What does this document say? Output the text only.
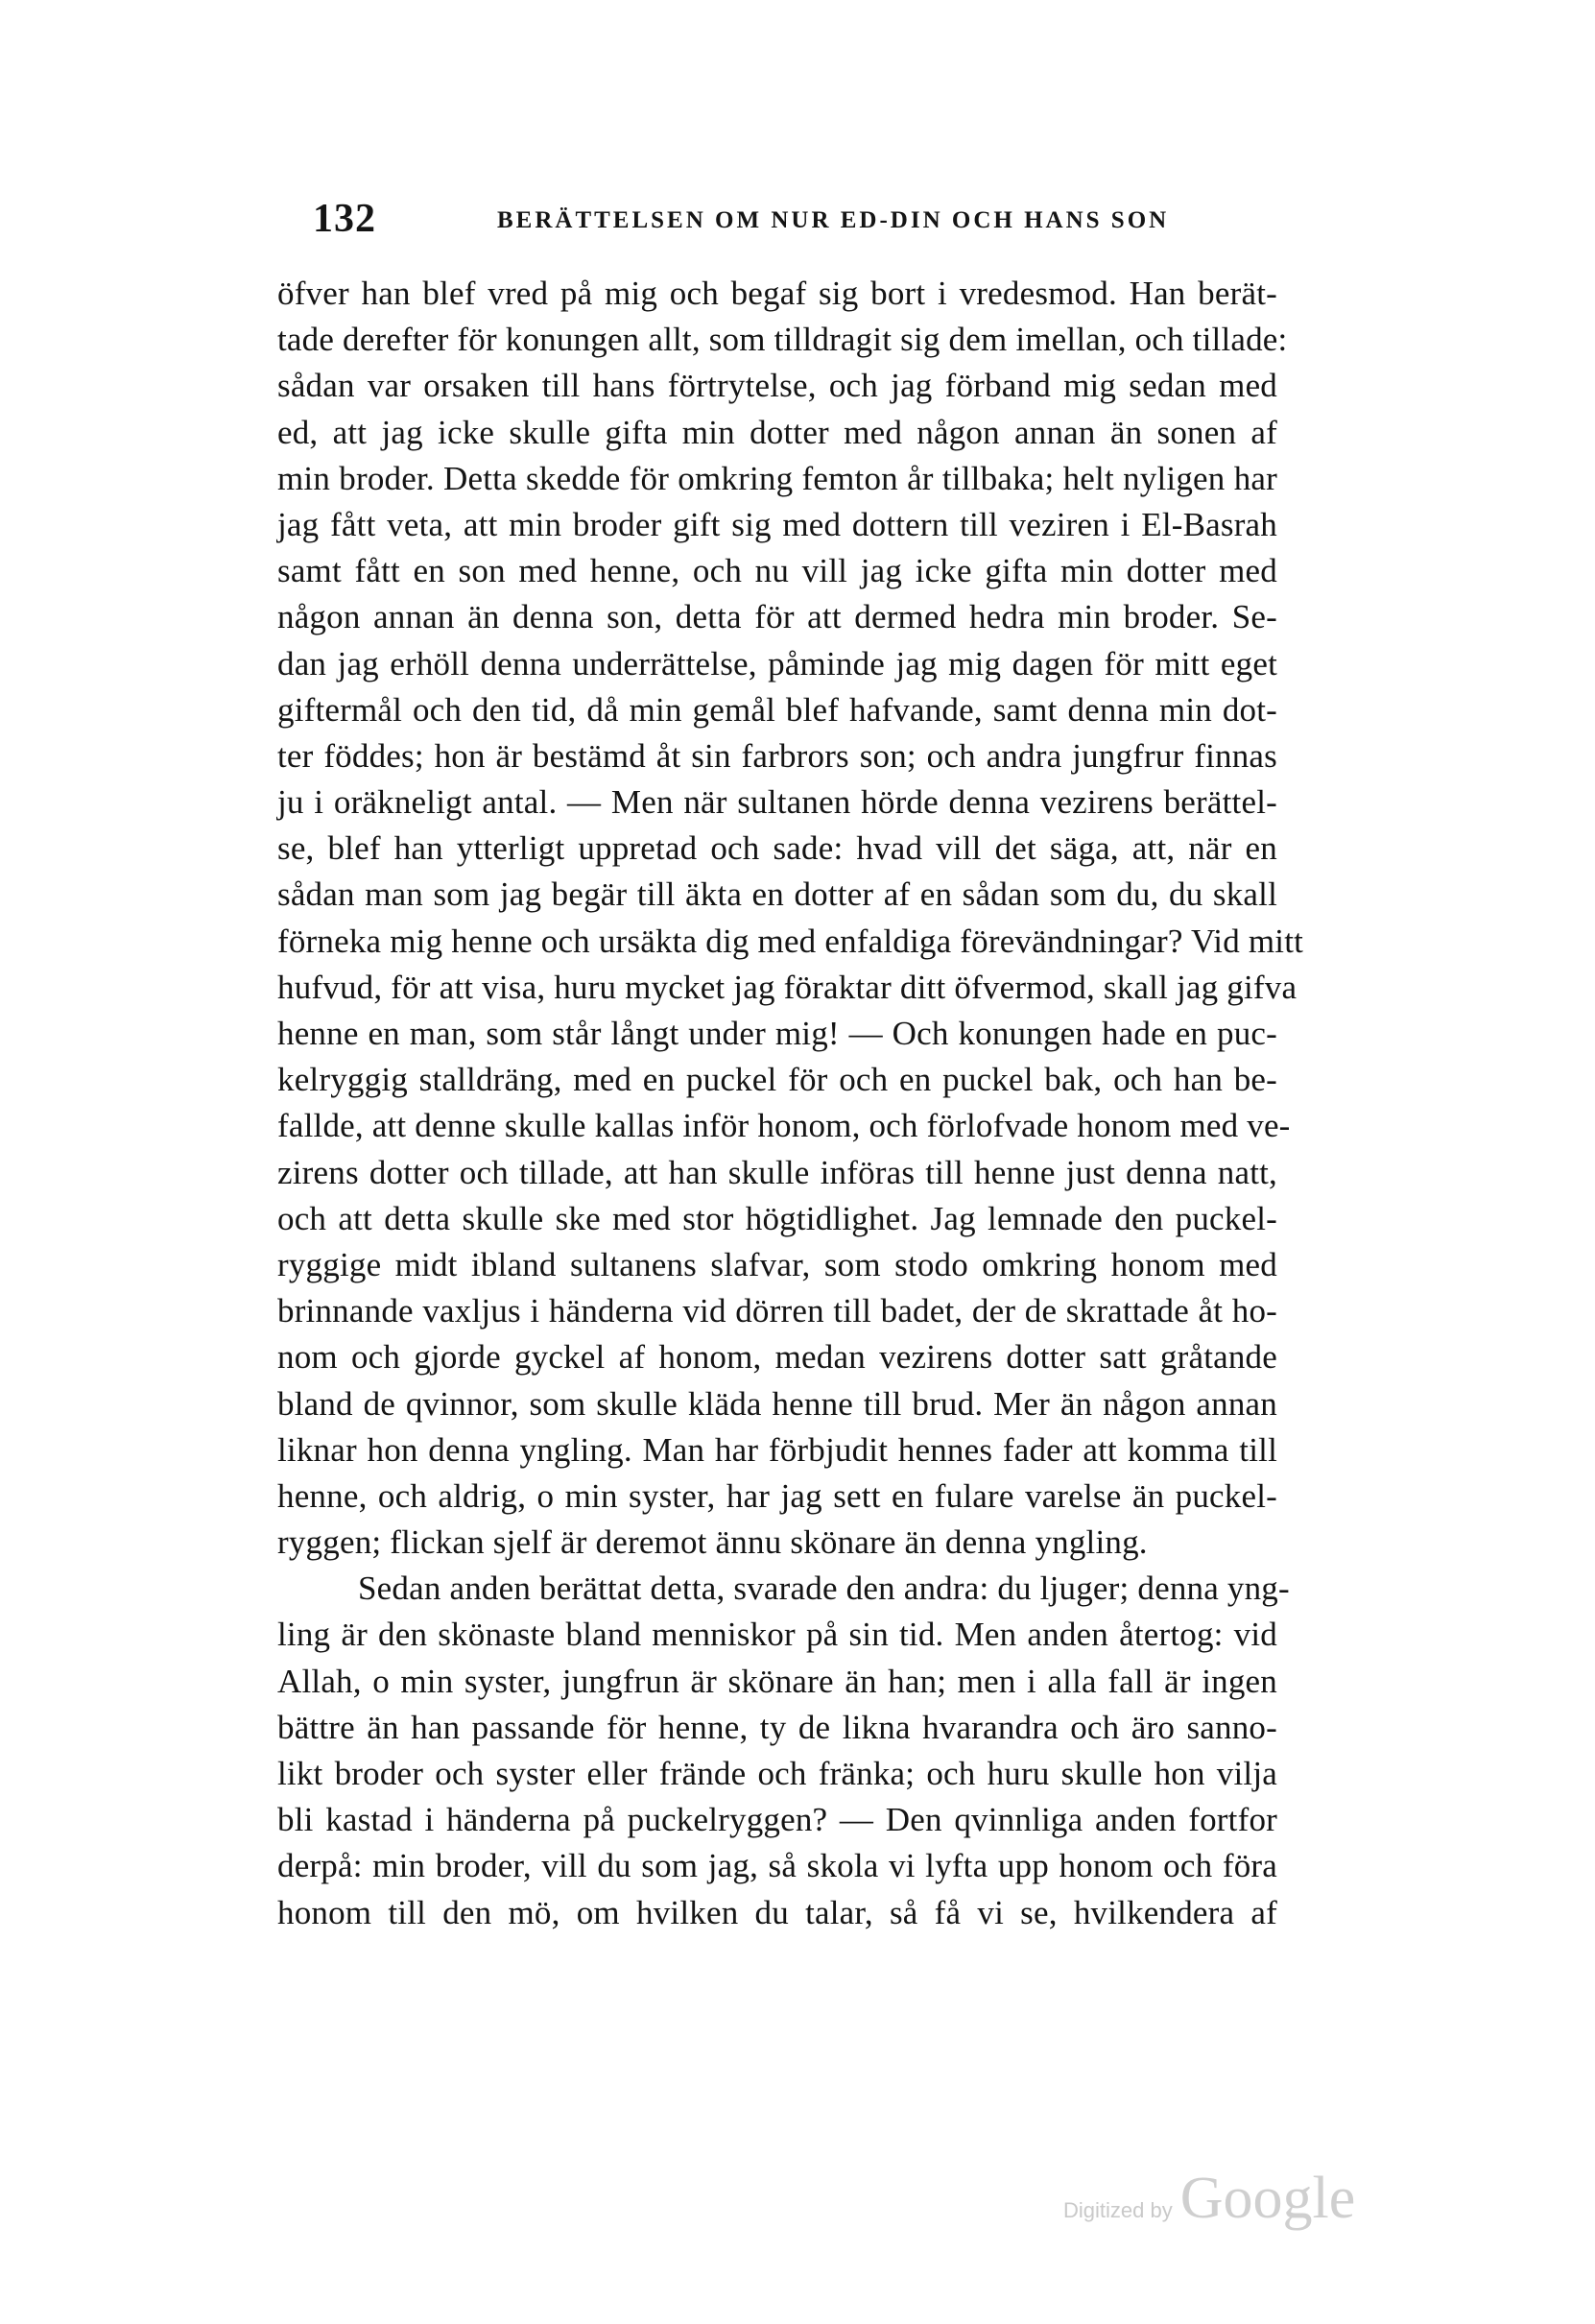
132	BERÄTTELSEN OM NUR ED-DIN OCH HANS SON
öfver han blef vred på mig och begaf sig bort i vredesmod. Han berät-
tade derefter för konungen allt, som tilldragit sig dem imellan, och tillade:
sådan var orsaken till hans förtrytelse, och jag förband mig sedan med
ed, att jag icke skulle gifta min dotter med någon annan än sonen af
min broder. Detta skedde för omkring femton år tillbaka; helt nyligen har
jag fått veta, att min broder gift sig med dottern till veziren i El-Basrah
samt fått en son med henne, och nu vill jag icke gifta min dotter med
någon annan än denna son, detta för att dermed hedra min broder. Se-
dan jag erhöll denna underrättelse, påminde jag mig dagen för mitt eget
giftermål och den tid, då min gemål blef hafvande, samt denna min dot-
ter föddes; hon är bestämd åt sin farbrors son; och andra jungfrur finnas
ju i oräkneligt antal. — Men när sultanen hörde denna vezirens berättel-
se, blef han ytterligt uppretad och sade: hvad vill det säga, att, när en
sådan man som jag begär till äkta en dotter af en sådan som du, du skall
förneka mig henne och ursäkta dig med enfaldiga förevändningar? Vid mitt
hufvud, för att visa, huru mycket jag föraktar ditt öfvermod, skall jag gifva
henne en man, som står långt under mig! — Och konungen hade en puc-
kelryggig stalldräng, med en puckel för och en puckel bak, och han be-
fallde, att denne skulle kallas inför honom, och förlofvade honom med ve-
zirens dotter och tillade, att han skulle införas till henne just denna natt,
och att detta skulle ske med stor högtidlighet. Jag lemnade den puckel-
ryggige midt ibland sultanens slafvar, som stodo omkring honom med
brinnande vaxljus i händerna vid dörren till badet, der de skrattade åt ho-
nom och gjorde gyckel af honom, medan vezirens dotter satt gråtande
bland de qvinnor, som skulle kläda henne till brud. Mer än någon annan
liknar hon denna yngling. Man har förbjudit hennes fader att komma till
henne, och aldrig, o min syster, har jag sett en fulare varelse än puckel-
ryggen; flickan sjelf är deremot ännu skönare än denna yngling.
Sedan anden berättat detta, svarade den andra: du ljuger; denna yng-
ling är den skönaste bland menniskor på sin tid. Men anden återtog: vid
Allah, o min syster, jungfrun är skönare än han; men i alla fall är ingen
bättre än han passande för henne, ty de likna hvarandra och äro sanno-
likt broder och syster eller frände och fränka; och huru skulle hon vilja
bli kastad i händerna på puckelryggen? — Den qvinnliga anden fortfor
derpå: min broder, vill du som jag, så skola vi lyfta upp honom och föra
honom till den mö, om hvilken du talar, så få vi se, hvilkendera af
Digitized by Google
